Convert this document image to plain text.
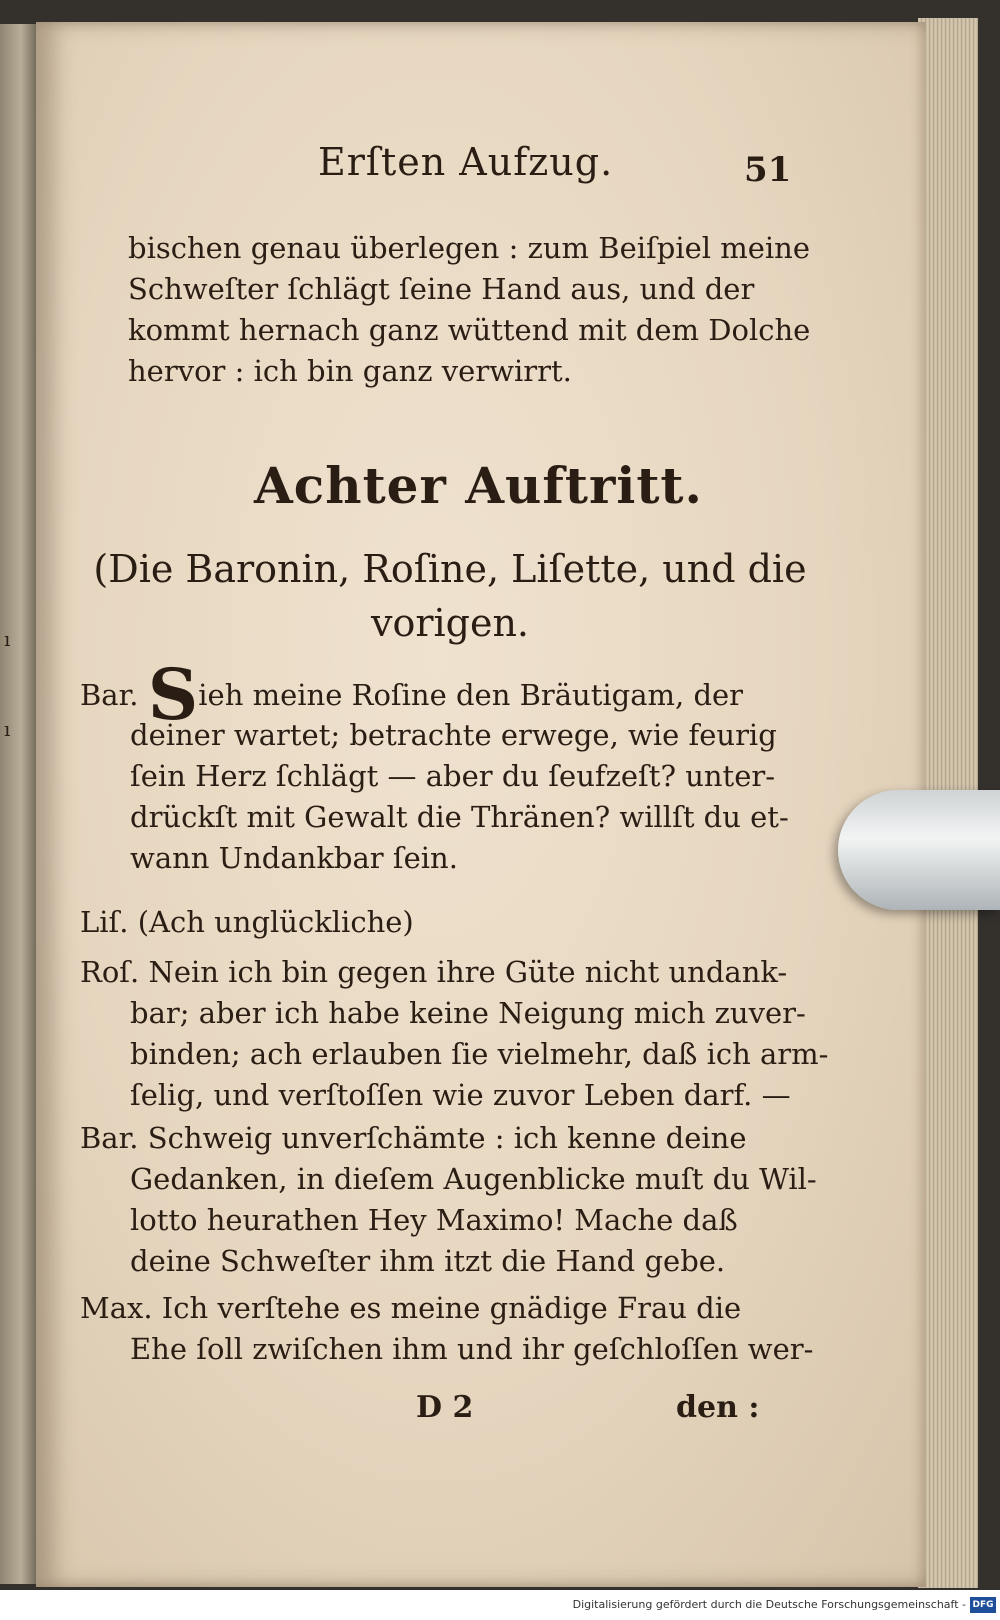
ı

ı
Erſten Aufzug.	51
bischen genau überlegen : zum Beiſpiel meine
Schweſter ſchlägt ſeine Hand aus, und der
kommt hernach ganz wüttend mit dem Dolche
hervor : ich bin ganz verwirrt.
Achter Auftritt.
(Die Baronin, Roſine, Liſette, und die
vorigen.
Bar. Sieh meine Roſine den Bräutigam, der
deiner wartet; betrachte erwege, wie feurig
ſein Herz ſchlägt — aber du ſeufzeſt? unter-
drückſt mit Gewalt die Thränen? willſt du et-
wann Undankbar ſein.
Liſ. (Ach unglückliche)
Roſ. Nein ich bin gegen ihre Güte nicht undank-
bar; aber ich habe keine Neigung mich zuver-
binden; ach erlauben ſie vielmehr, daß ich arm-
ſelig, und verſtoſſen wie zuvor Leben darf. —
Bar. Schweig unverſchämte : ich kenne deine
Gedanken, in dieſem Augenblicke muſt du Wil-
lotto heurathen Hey Maximo! Mache daß
deine Schweſter ihm itzt die Hand gebe.
Max. Ich verſtehe es meine gnädige Frau die
Ehe ſoll zwiſchen ihm und ihr geſchloſſen wer-
D 2	den :
Digitalisierung gefördert durch die Deutsche Forschungsgemeinschaft - DFG
